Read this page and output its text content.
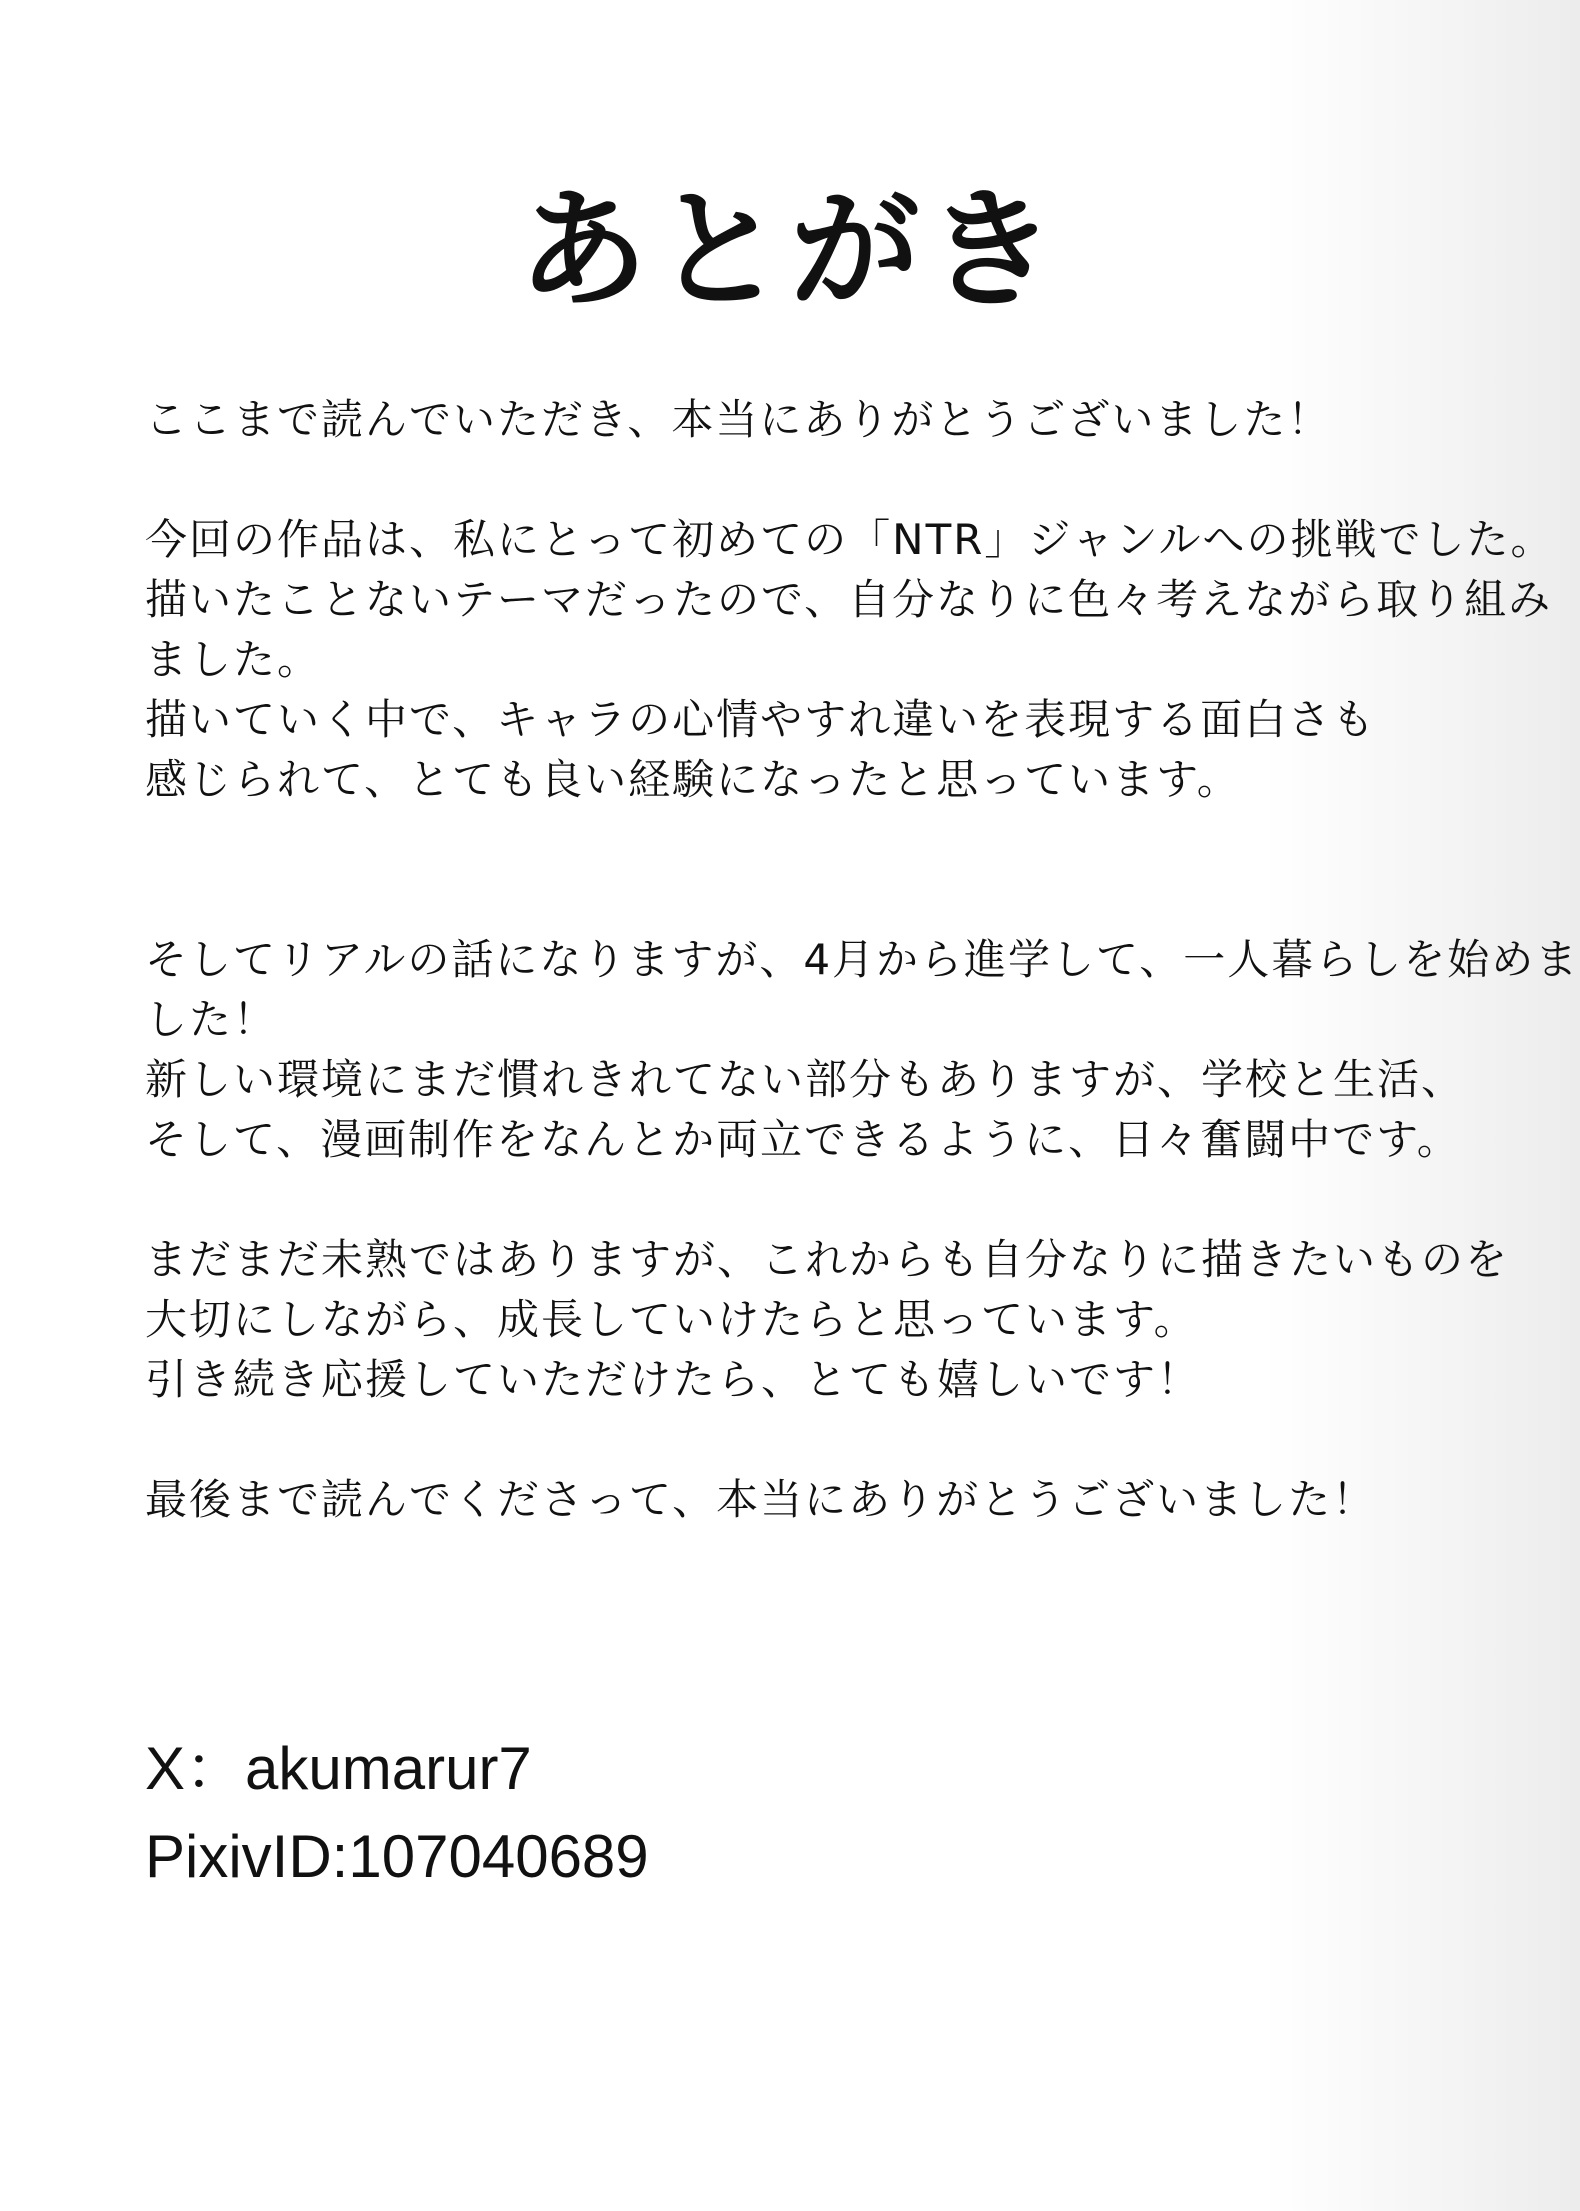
あとがき
ここまで読んでいただき、本当にありがとうございました！
今回の作品は、私にとって初めての「NTR」ジャンルへの挑戦でした。
描いたことないテーマだったので、自分なりに色々考えながら取り組み
ました。
描いていく中で、キャラの心情やすれ違いを表現する面白さも
感じられて、とても良い経験になったと思っています。
そしてリアルの話になりますが、4月から進学して、一人暮らしを始めま
した！
新しい環境にまだ慣れきれてない部分もありますが、学校と生活、
そして、漫画制作をなんとか両立できるように、日々奮闘中です。
まだまだ未熟ではありますが、これからも自分なりに描きたいものを
大切にしながら、成長していけたらと思っています。
引き続き応援していただけたら、とても嬉しいです！
最後まで読んでくださって、本当にありがとうございました！
X：akumarur7
PixivID:107040689
